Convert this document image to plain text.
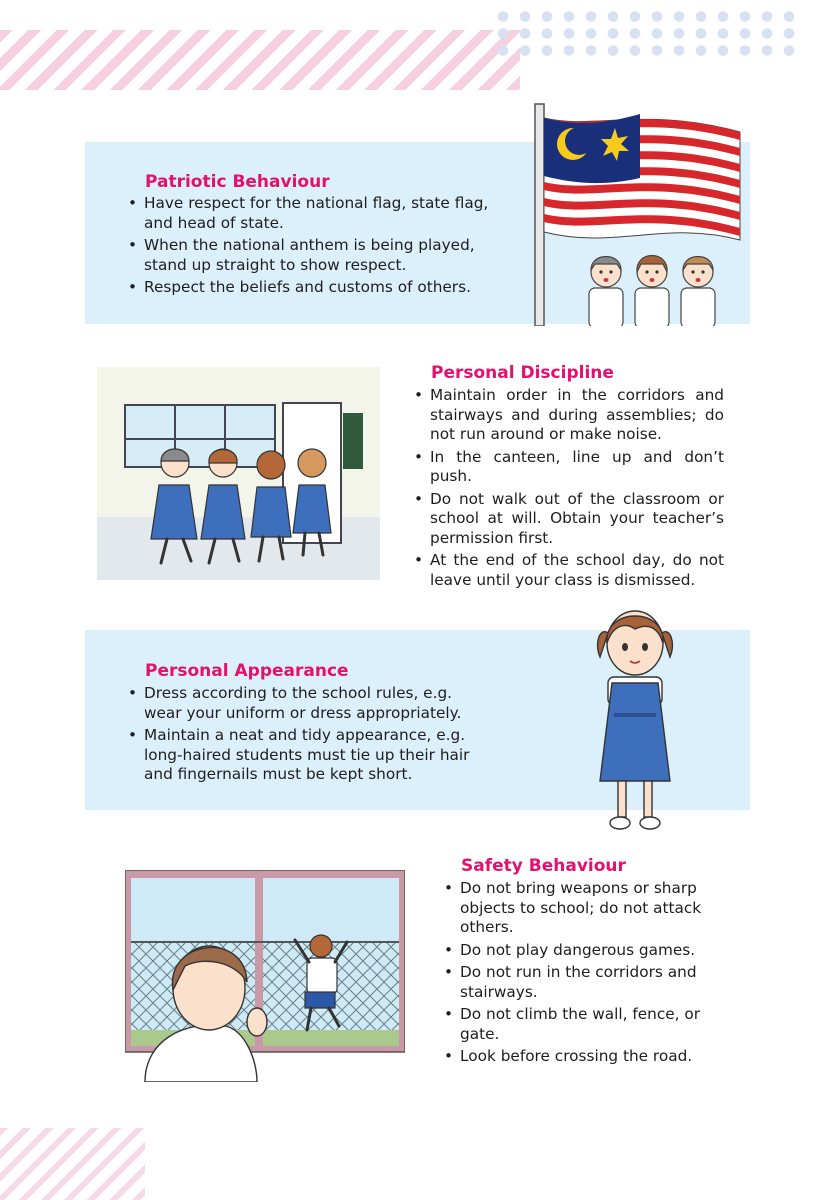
Patriotic Behaviour
• Have respect for the national flag, state flag, and head of state.
• When the national anthem is being played, stand up straight to show respect.
• Respect the beliefs and customs of others.
Personal Discipline
• Maintain order in the corridors and stairways and during assemblies; do not run around or make noise.
• In the canteen, line up and don’t push.
• Do not walk out of the classroom or school at will. Obtain your teacher’s permission first.
• At the end of the school day, do not leave until your class is dismissed.
Personal Appearance
• Dress according to the school rules, e.g. wear your uniform or dress appropriately.
• Maintain a neat and tidy appearance, e.g. long-haired students must tie up their hair and fingernails must be kept short.
Safety Behaviour
• Do not bring weapons or sharp objects to school; do not attack others.
• Do not play dangerous games.
• Do not run in the corridors and stairways.
• Do not climb the wall, fence, or gate.
• Look before crossing the road.
